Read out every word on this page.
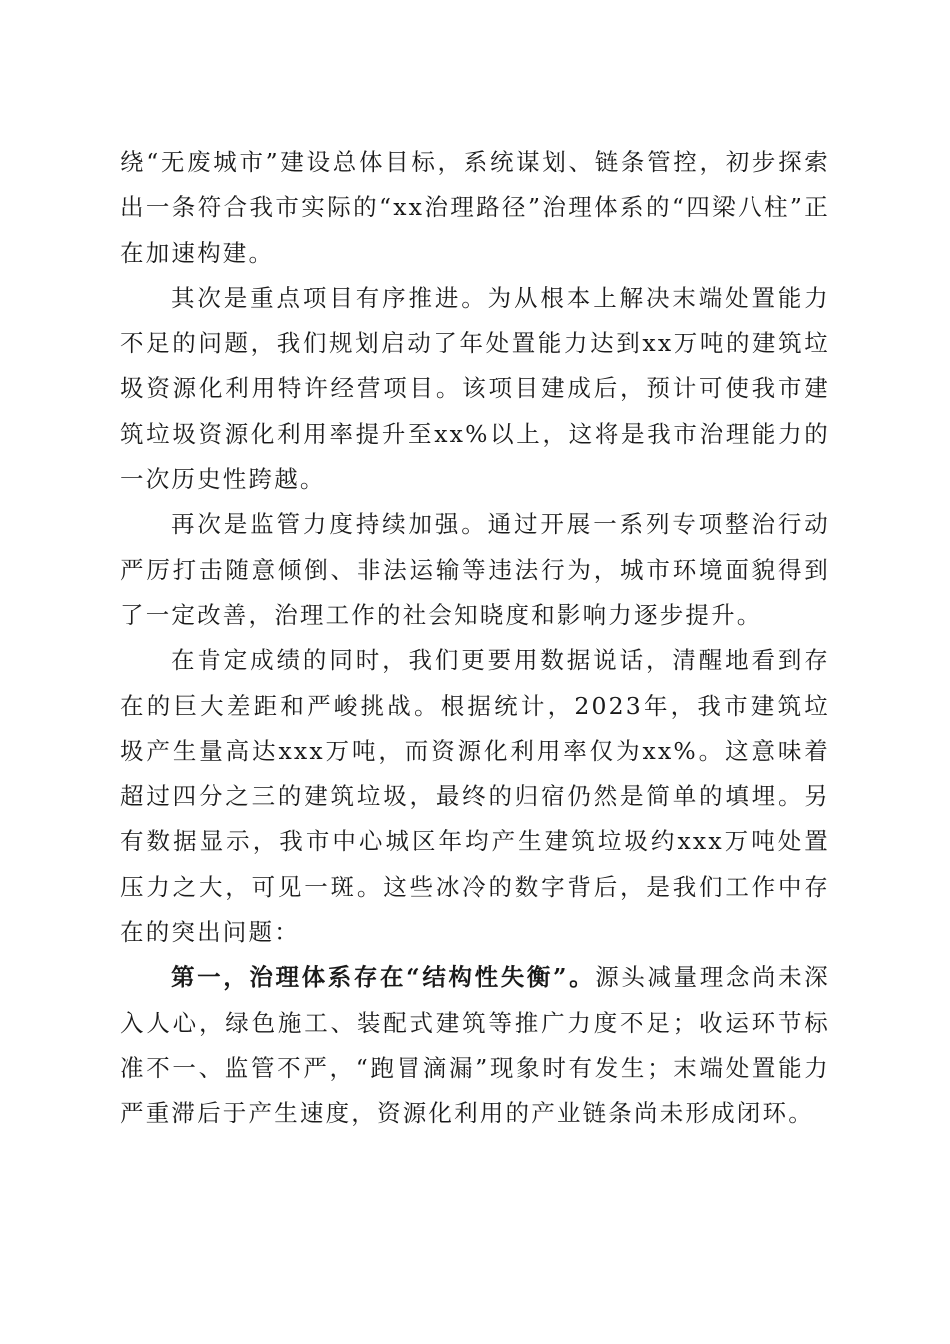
绕“无废城市”建设总体目标，系统谋划、链条管控，初步探索出一条符合我市实际的“xx治理路径”治理体系的“四梁八柱”正在加速构建。

其次是重点项目有序推进。为从根本上解决末端处置能力不足的问题，我们规划启动了年处置能力达到xx万吨的建筑垃圾资源化利用特许经营项目。该项目建成后，预计可使我市建筑垃圾资源化利用率提升至xx%以上，这将是我市治理能力的一次历史性跨越。

再次是监管力度持续加强。通过开展一系列专项整治行动严厉打击随意倾倒、非法运输等违法行为，城市环境面貌得到了一定改善，治理工作的社会知晓度和影响力逐步提升。

在肯定成绩的同时，我们更要用数据说话，清醒地看到存在的巨大差距和严峻挑战。根据统计，2023年，我市建筑垃圾产生量高达xxx万吨，而资源化利用率仅为xx%。这意味着超过四分之三的建筑垃圾，最终的归宿仍然是简单的填埋。另有数据显示，我市中心城区年均产生建筑垃圾约xxx万吨处置压力之大，可见一斑。这些冰冷的数字背后，是我们工作中存在的突出问题：

第一，治理体系存在“结构性失衡”。源头减量理念尚未深入人心，绿色施工、装配式建筑等推广力度不足；收运环节标准不一、监管不严，“跑冒滴漏”现象时有发生；末端处置能力严重滞后于产生速度，资源化利用的产业链条尚未形成闭环。
